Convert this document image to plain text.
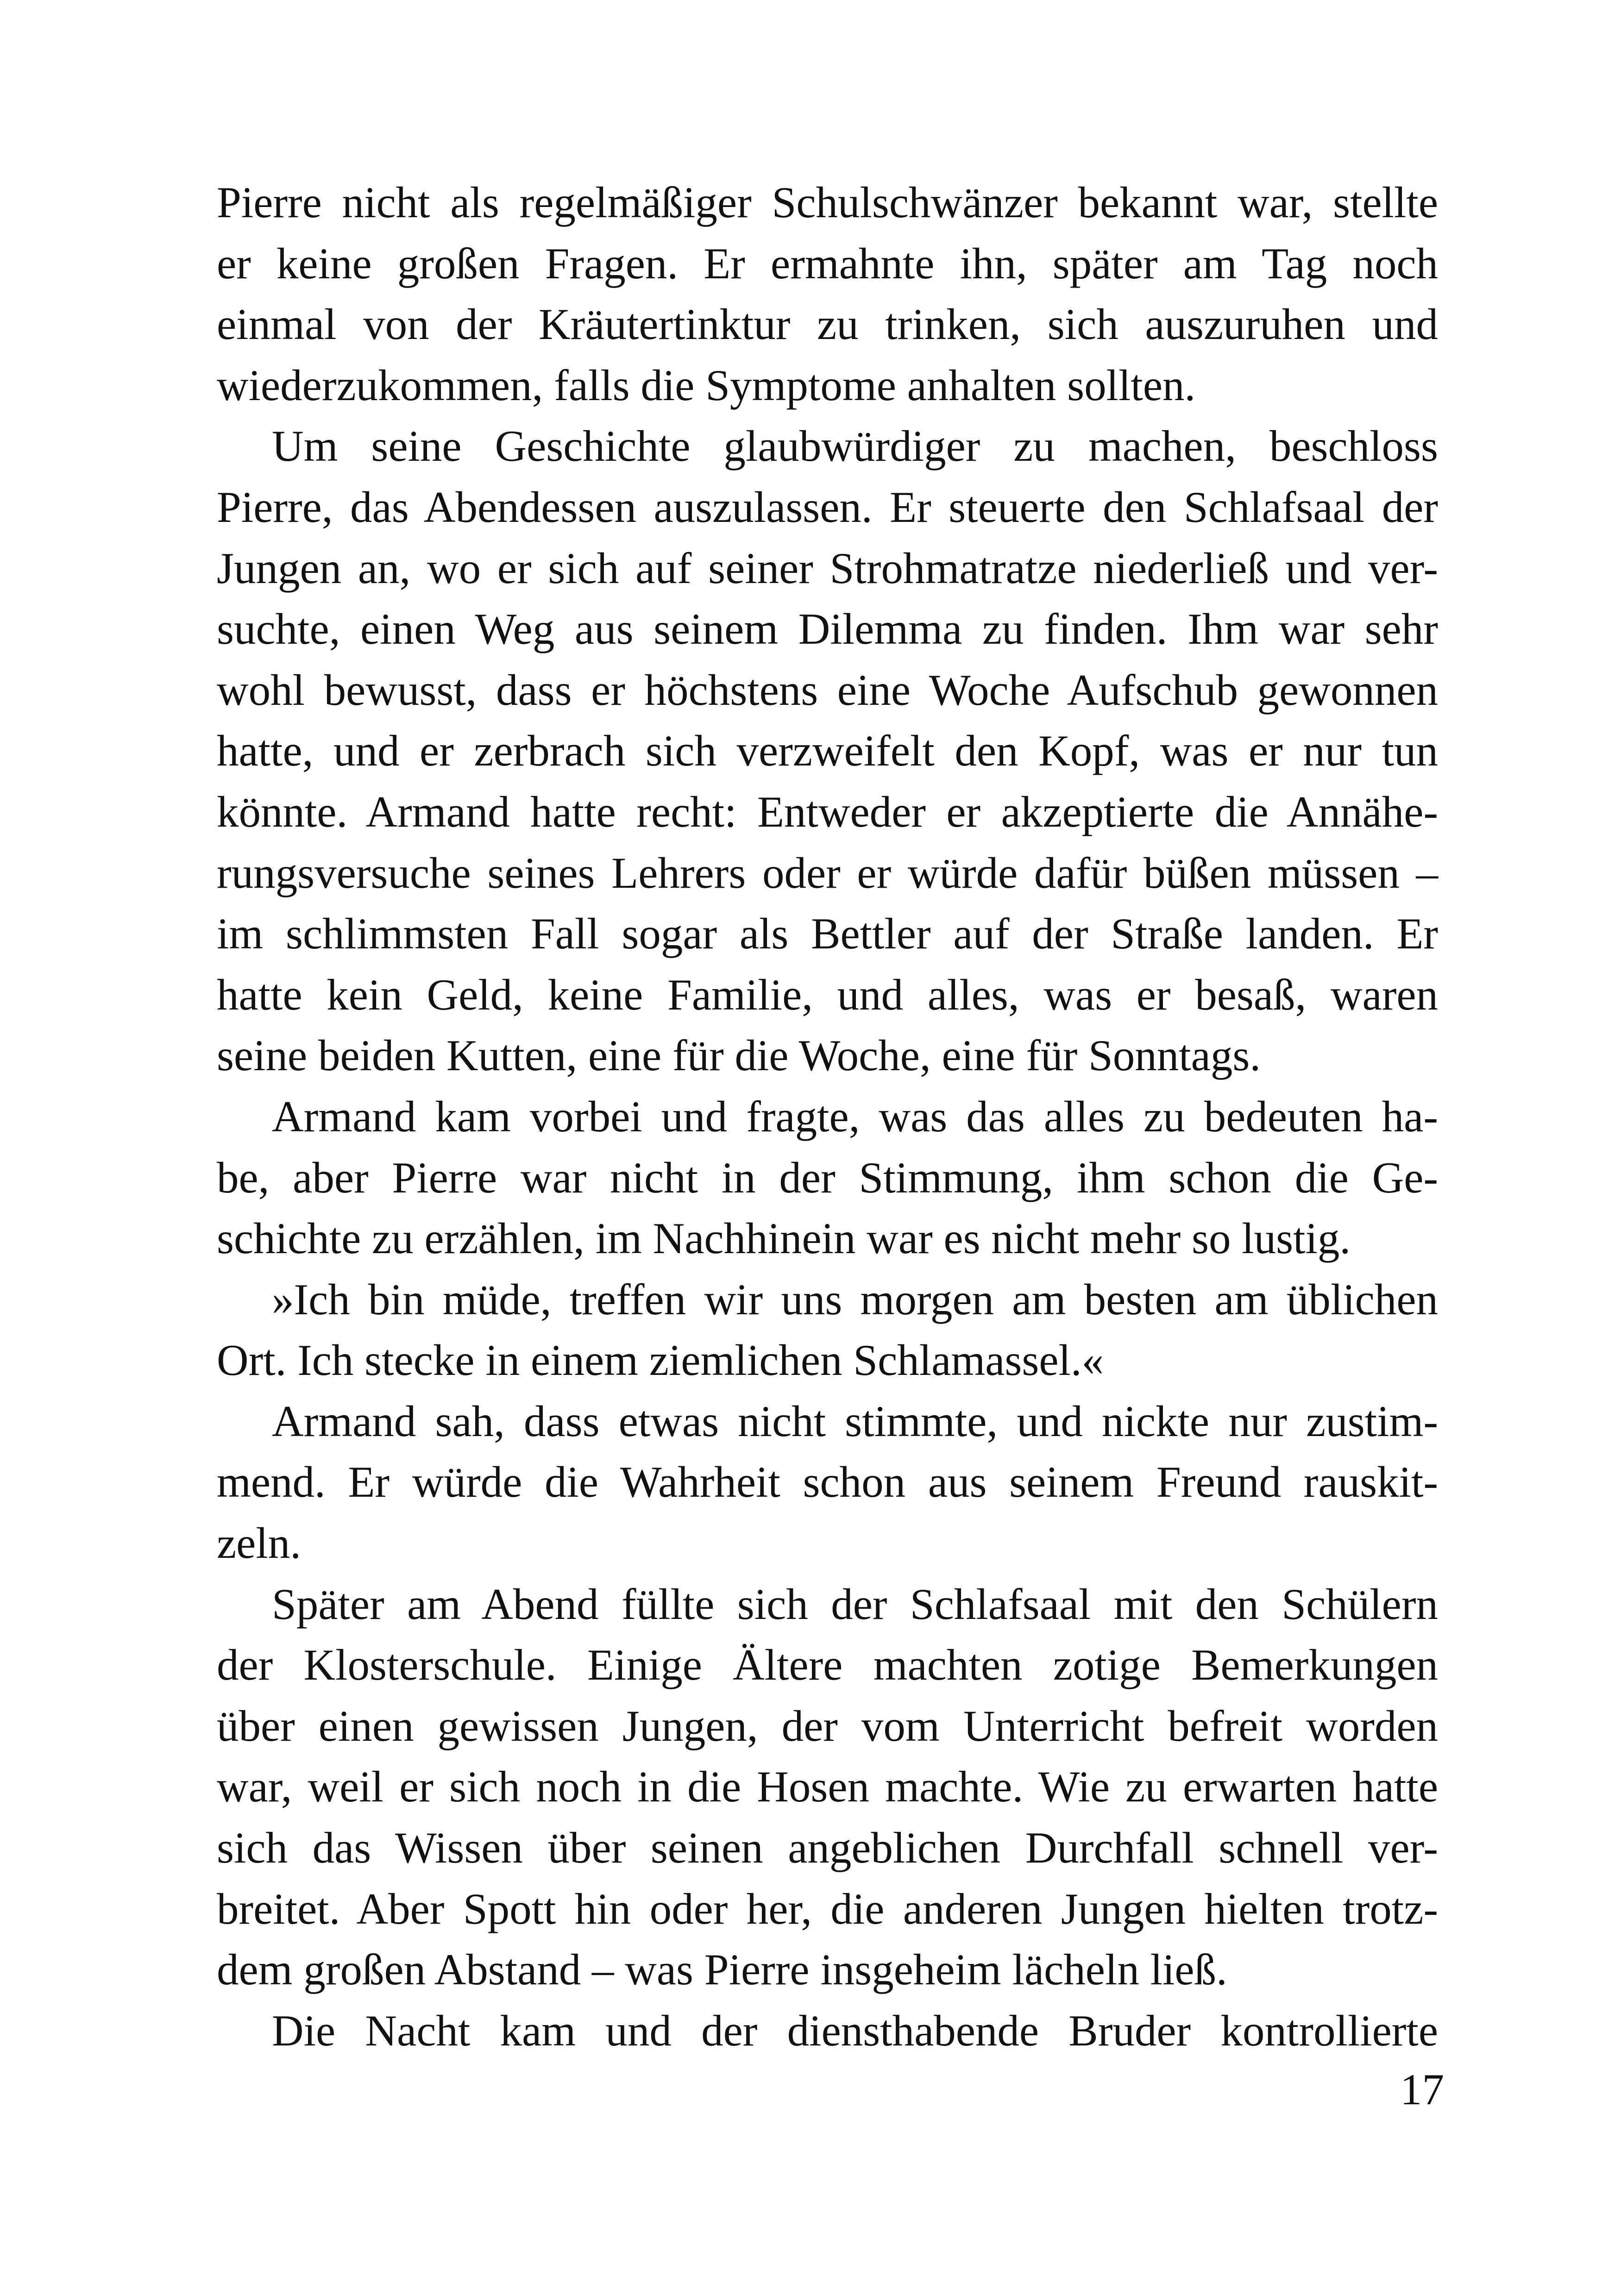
Pierre nicht als regelmäßiger Schulschwänzer bekannt war, stellte
er keine großen Fragen. Er ermahnte ihn, später am Tag noch
einmal von der Kräutertinktur zu trinken, sich auszuruhen und
wiederzukommen, falls die Symptome anhalten sollten.
Um seine Geschichte glaubwürdiger zu machen, beschloss
Pierre, das Abendessen auszulassen. Er steuerte den Schlafsaal der
Jungen an, wo er sich auf seiner Strohmatratze niederließ und ver-
suchte, einen Weg aus seinem Dilemma zu finden. Ihm war sehr
wohl bewusst, dass er höchstens eine Woche Aufschub gewonnen
hatte, und er zerbrach sich verzweifelt den Kopf, was er nur tun
könnte. Armand hatte recht: Entweder er akzeptierte die Annähe-
rungsversuche seines Lehrers oder er würde dafür büßen müssen –
im schlimmsten Fall sogar als Bettler auf der Straße landen. Er
hatte kein Geld, keine Familie, und alles, was er besaß, waren
seine beiden Kutten, eine für die Woche, eine für Sonntags.
Armand kam vorbei und fragte, was das alles zu bedeuten ha-
be, aber Pierre war nicht in der Stimmung, ihm schon die Ge-
schichte zu erzählen, im Nachhinein war es nicht mehr so lustig.
»Ich bin müde, treffen wir uns morgen am besten am üblichen
Ort. Ich stecke in einem ziemlichen Schlamassel.«
Armand sah, dass etwas nicht stimmte, und nickte nur zustim-
mend. Er würde die Wahrheit schon aus seinem Freund rauskit-
zeln.
Später am Abend füllte sich der Schlafsaal mit den Schülern
der Klosterschule. Einige Ältere machten zotige Bemerkungen
über einen gewissen Jungen, der vom Unterricht befreit worden
war, weil er sich noch in die Hosen machte. Wie zu erwarten hatte
sich das Wissen über seinen angeblichen Durchfall schnell ver-
breitet. Aber Spott hin oder her, die anderen Jungen hielten trotz-
dem großen Abstand – was Pierre insgeheim lächeln ließ.
Die Nacht kam und der diensthabende Bruder kontrollierte
17
